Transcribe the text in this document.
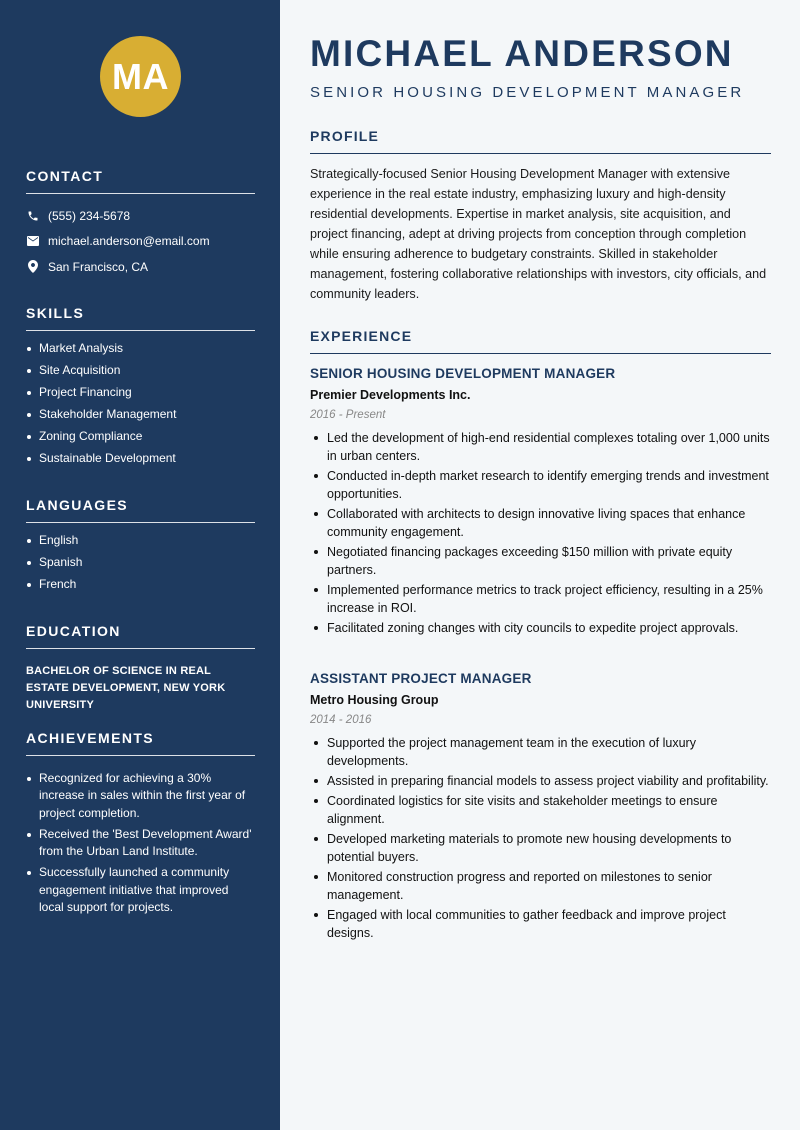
MA
CONTACT
(555) 234-5678
michael.anderson@email.com
San Francisco, CA
SKILLS
Market Analysis
Site Acquisition
Project Financing
Stakeholder Management
Zoning Compliance
Sustainable Development
LANGUAGES
English
Spanish
French
EDUCATION
BACHELOR OF SCIENCE IN REAL ESTATE DEVELOPMENT, NEW YORK UNIVERSITY
ACHIEVEMENTS
Recognized for achieving a 30% increase in sales within the first year of project completion.
Received the 'Best Development Award' from the Urban Land Institute.
Successfully launched a community engagement initiative that improved local support for projects.
MICHAEL ANDERSON
SENIOR HOUSING DEVELOPMENT MANAGER
PROFILE
Strategically-focused Senior Housing Development Manager with extensive experience in the real estate industry, emphasizing luxury and high-density residential developments. Expertise in market analysis, site acquisition, and project financing, adept at driving projects from conception through completion while ensuring adherence to budgetary constraints. Skilled in stakeholder management, fostering collaborative relationships with investors, city officials, and community leaders.
EXPERIENCE
SENIOR HOUSING DEVELOPMENT MANAGER
Premier Developments Inc.
2016 - Present
Led the development of high-end residential complexes totaling over 1,000 units in urban centers.
Conducted in-depth market research to identify emerging trends and investment opportunities.
Collaborated with architects to design innovative living spaces that enhance community engagement.
Negotiated financing packages exceeding $150 million with private equity partners.
Implemented performance metrics to track project efficiency, resulting in a 25% increase in ROI.
Facilitated zoning changes with city councils to expedite project approvals.
ASSISTANT PROJECT MANAGER
Metro Housing Group
2014 - 2016
Supported the project management team in the execution of luxury developments.
Assisted in preparing financial models to assess project viability and profitability.
Coordinated logistics for site visits and stakeholder meetings to ensure alignment.
Developed marketing materials to promote new housing developments to potential buyers.
Monitored construction progress and reported on milestones to senior management.
Engaged with local communities to gather feedback and improve project designs.
